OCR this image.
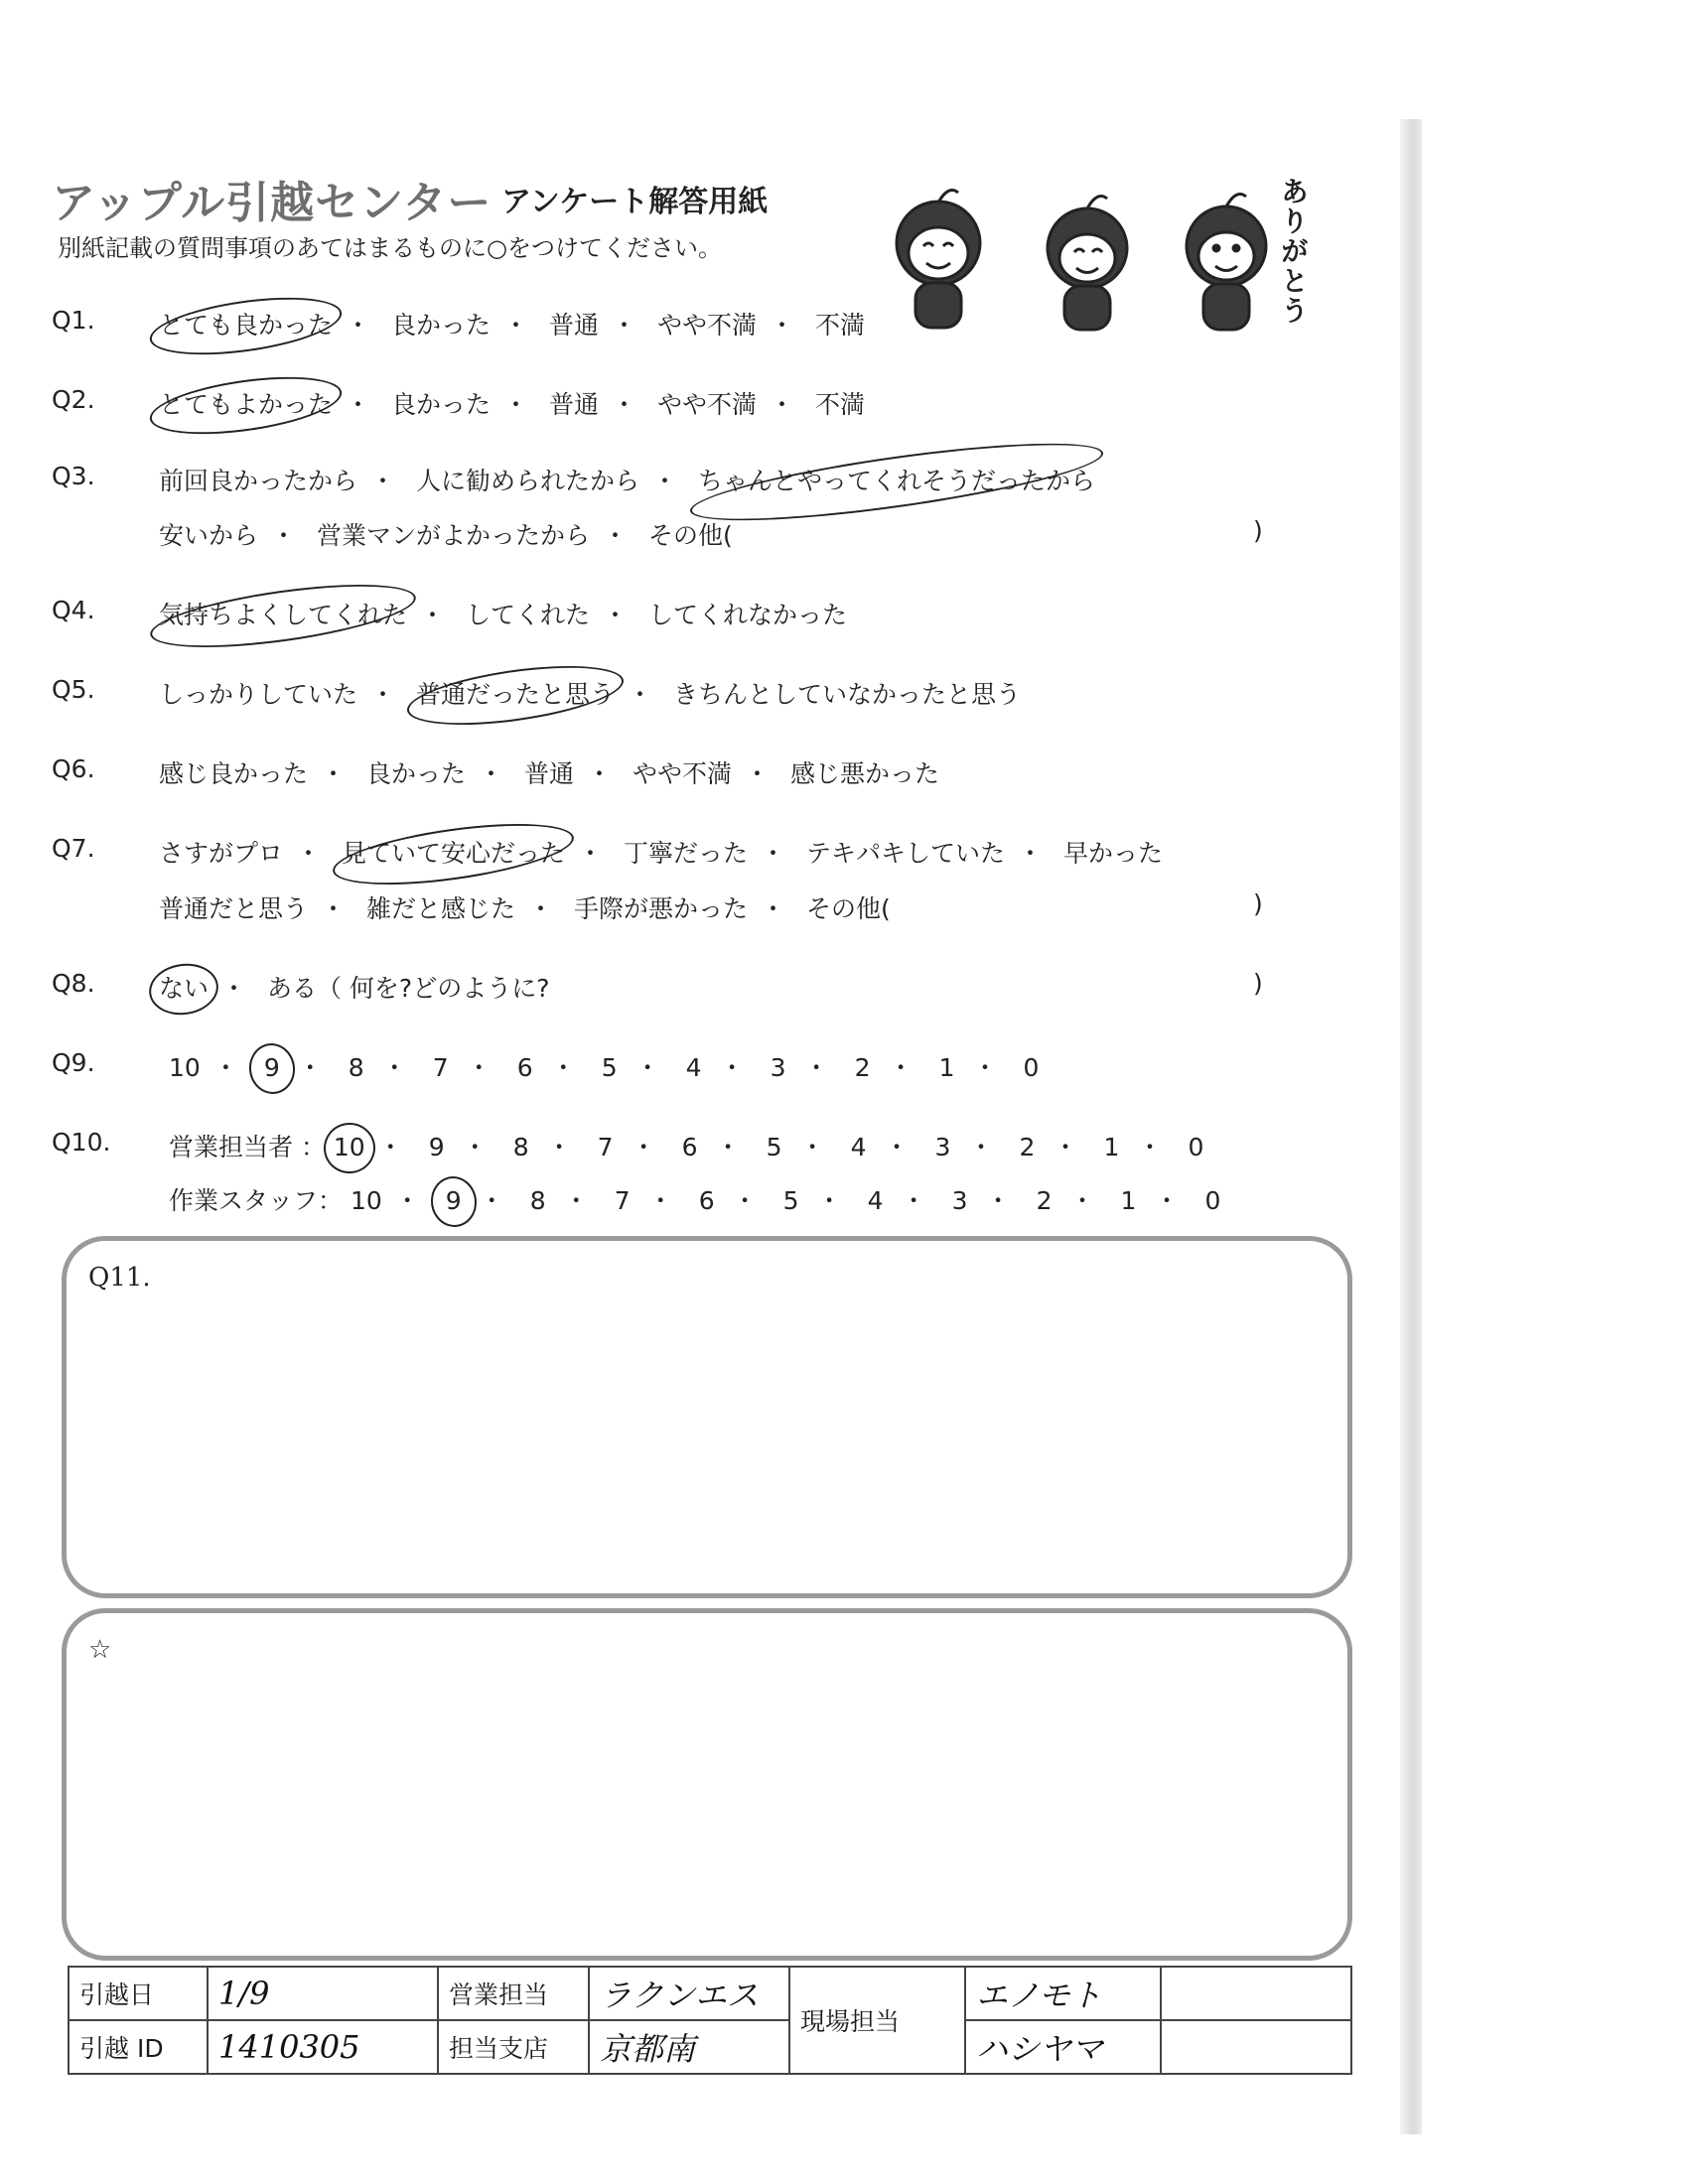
アップル引越センター アンケート解答用紙
別紙記載の質問事項のあてはまるものに○をつけてください。	ありがとう
Q1.	とても良かった ・ 良かった ・ 普通 ・ やや不満 ・ 不満
Q2.	とてもよかった ・ 良かった ・ 普通 ・ やや不満 ・ 不満
Q3.	前回良かったから ・ 人に勧められたから ・ ちゃんとやってくれそうだったから
安いから ・ 営業マンがよかったから ・ その他(	)
Q4.	気持ちよくしてくれた ・ してくれた ・ してくれなかった
Q5.	しっかりしていた ・ 普通だったと思う ・ きちんとしていなかったと思う
Q6.	感じ良かった ・ 良かった ・ 普通 ・ やや不満 ・ 感じ悪かった
Q7.	さすがプロ ・ 見ていて安心だった ・ 丁寧だった ・ テキパキしていた ・ 早かった
普通だと思う ・ 雑だと感じた ・ 手際が悪かった ・ その他(	)
Q8.	ない ・ ある（ 何を?どのように?	)
Q9.	10 ・ 9 ・ 8 ・ 7 ・ 6 ・ 5 ・ 4 ・ 3 ・ 2 ・ 1 ・ 0
Q10. 営業担当者 ： 10 ・ 9 ・ 8 ・ 7 ・ 6 ・ 5 ・ 4 ・ 3 ・ 2 ・ 1 ・ 0
作業スタッフ： 10 ・ 9 ・ 8 ・ 7 ・ 6 ・ 5 ・ 4 ・ 3 ・ 2 ・ 1 ・ 0
Q11.
☆
引越日	1/9	営業担当	ラクンエス	現場担当	エノモト	
引越 ID	1410305	担当支店	京都南		ハシヤマ	
